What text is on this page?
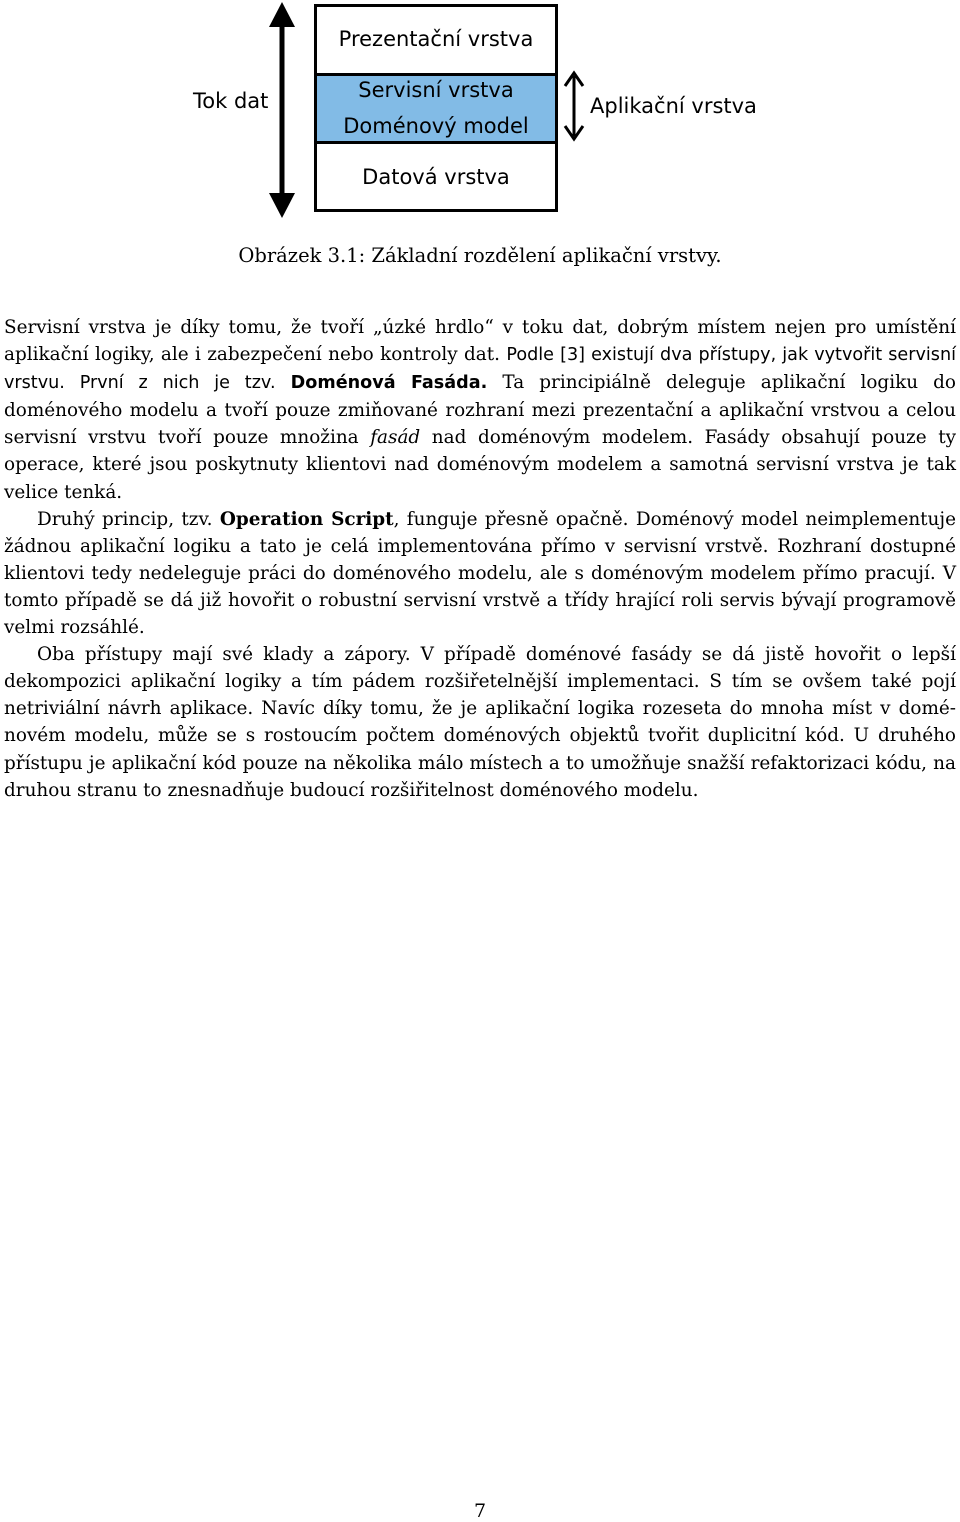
Tok dat
Prezentační vrstva
Servisní vrstva
Doménový model
Datová vrstva
Aplikační vrstva
Obrázek 3.1: Základní rozdělení aplikační vrstvy.

Servisní vrstva je díky tomu, že tvoří „úzké hrdlo“ v toku dat, dobrým místem nejen pro umístění aplikační logiky, ale i zabezpečení nebo kontroly dat. Podle [3] existují dva přístupy, jak vytvořit servisní vrstvu. První z nich je tzv. Doménová Fasáda. Ta principiálně deleguje aplikační logiku do doménového modelu a tvoří pouze zmiňované rozhraní mezi prezentační a aplikační vrstvou a celou servisní vrstvu tvoří pouze množina fasád nad doménovým modelem. Fasády obsahují pouze ty operace, které jsou poskytnuty klientovi nad doménovým modelem a samotná servisní vrstva je tak velice tenká.

Druhý princip, tzv. Operation Script, funguje přesně opačně. Doménový model neimplementuje žádnou aplikační logiku a tato je celá implementována přímo v servisní vrstvě. Rozhraní dostupné klientovi tedy nedeleguje práci do doménového modelu, ale s doménovým modelem přímo pracují. V tomto případě se dá již hovořit o robustní servisní vrstvě a třídy hrající roli servis bývají programově velmi rozsáhlé.

Oba přístupy mají své klady a zápory. V případě doménové fasády se dá jistě hovořit o lepší dekompozici aplikační logiky a tím pádem rozšiřetelnější implementaci. S tím se ovšem také pojí netriviální návrh aplikace. Navíc díky tomu, že je aplikační logika rozeseta do mnoha míst v doménovém modelu, může se s rostoucím počtem doménových objektů tvořit duplicitní kód. U druhého přístupu je aplikační kód pouze na několika málo místech a to umožňuje snažší refaktorizaci kódu, na druhou stranu to znesnadňuje budoucí rozšiřitelnost doménového modelu.

7
